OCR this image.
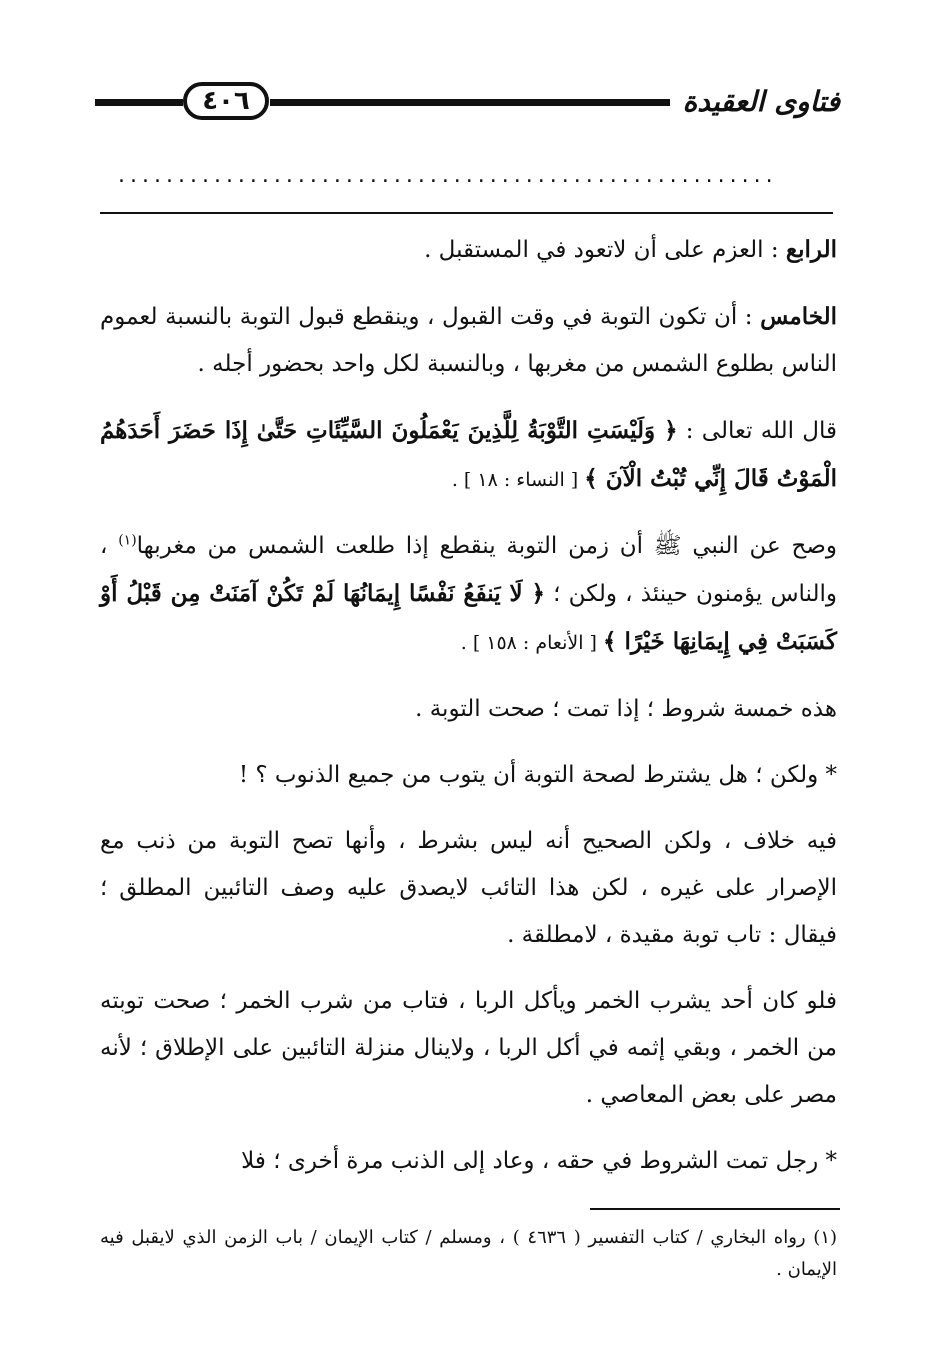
فتاوى العقيدة
٤٠٦
.......................................................

الرابع : العزم على أن لاتعود في المستقبل .

الخامس : أن تكون التوبة في وقت القبول ، وينقطع قبول التوبة بالنسبة لعموم الناس بطلوع الشمس من مغربها ، وبالنسبة لكل واحد بحضور أجله .

قال الله تعالى : ﴿ وَلَيْسَتِ التَّوْبَةُ لِلَّذِينَ يَعْمَلُونَ السَّيِّئَاتِ حَتَّىٰ إِذَا حَضَرَ أَحَدَهُمُ الْمَوْتُ قَالَ إِنِّي تُبْتُ الْآنَ ﴾ [ النساء : ١٨ ] .

وصح عن النبي ﷺ أن زمن التوبة ينقطع إذا طلعت الشمس من مغربها$^{(١)}$ ، والناس يؤمنون حينئذ ، ولكن ؛ ﴿ لَا يَنفَعُ نَفْسًا إِيمَانُهَا لَمْ تَكُنْ آمَنَتْ مِن قَبْلُ أَوْ كَسَبَتْ فِي إِيمَانِهَا خَيْرًا ﴾ [ الأنعام : ١٥٨ ] .

هذه خمسة شروط ؛ إذا تمت ؛ صحت التوبة .

* ولكن ؛ هل يشترط لصحة التوبة أن يتوب من جميع الذنوب ؟ !

فيه خلاف ، ولكن الصحيح أنه ليس بشرط ، وأنها تصح التوبة من ذنب مع الإصرار على غيره ، لكن هذا التائب لايصدق عليه وصف التائبين المطلق ؛ فيقال : تاب توبة مقيدة ، لامطلقة .

فلو كان أحد يشرب الخمر ويأكل الربا ، فتاب من شرب الخمر ؛ صحت توبته من الخمر ، وبقي إثمه في أكل الربا ، ولاينال منزلة التائبين على الإطلاق ؛ لأنه مصر على بعض المعاصي .

* رجل تمت الشروط في حقه ، وعاد إلى الذنب مرة أخرى ؛ فلا

(١) رواه البخاري / كتاب التفسير ( ٤٦٣٦ ) ، ومسلم / كتاب الإيمان / باب الزمن الذي لايقبل فيه الإيمان .
